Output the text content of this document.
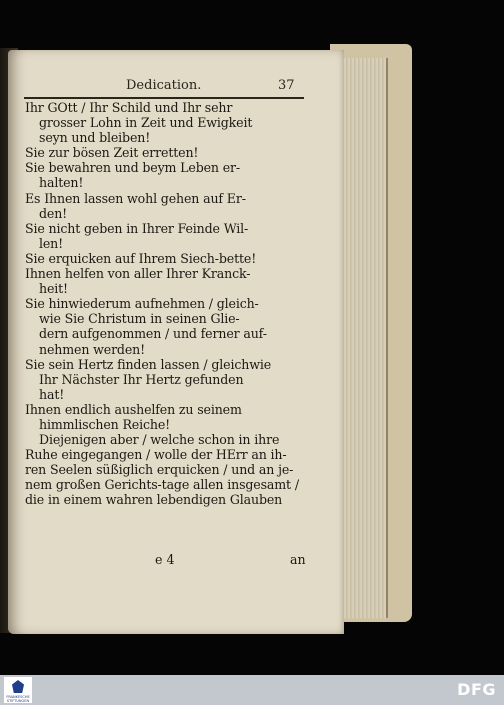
Dedication.	37
Ihr GOtt / Ihr Schild und Ihr sehr
grosser Lohn in Zeit und Ewigkeit
seyn und bleiben!
Sie zur bösen Zeit erretten!
Sie bewahren und beym Leben er-
halten!
Es Ihnen lassen wohl gehen auf Er-
den!
Sie nicht geben in Ihrer Feinde Wil-
len!
Sie erquicken auf Ihrem Siech-bette!
Ihnen helfen von aller Ihrer Kranck-
heit!
Sie hinwiederum aufnehmen / gleich-
wie Sie Christum in seinen Glie-
dern aufgenommen / und ferner auf-
nehmen werden!
Sie sein Hertz finden lassen / gleichwie
Ihr Nächster Ihr Hertz gefunden
hat!
Ihnen endlich aushelfen zu seinem
himmlischen Reiche!
Diejenigen aber / welche schon in ihre
Ruhe eingegangen / wolle der HErr an ih-
ren Seelen süßiglich erquicken / und an je-
nem großen Gerichts-tage allen insgesamt /
die in einem wahren lebendigen Glauben
e 4	an
FRANKESCHE STIFTUNGEN
DFG
